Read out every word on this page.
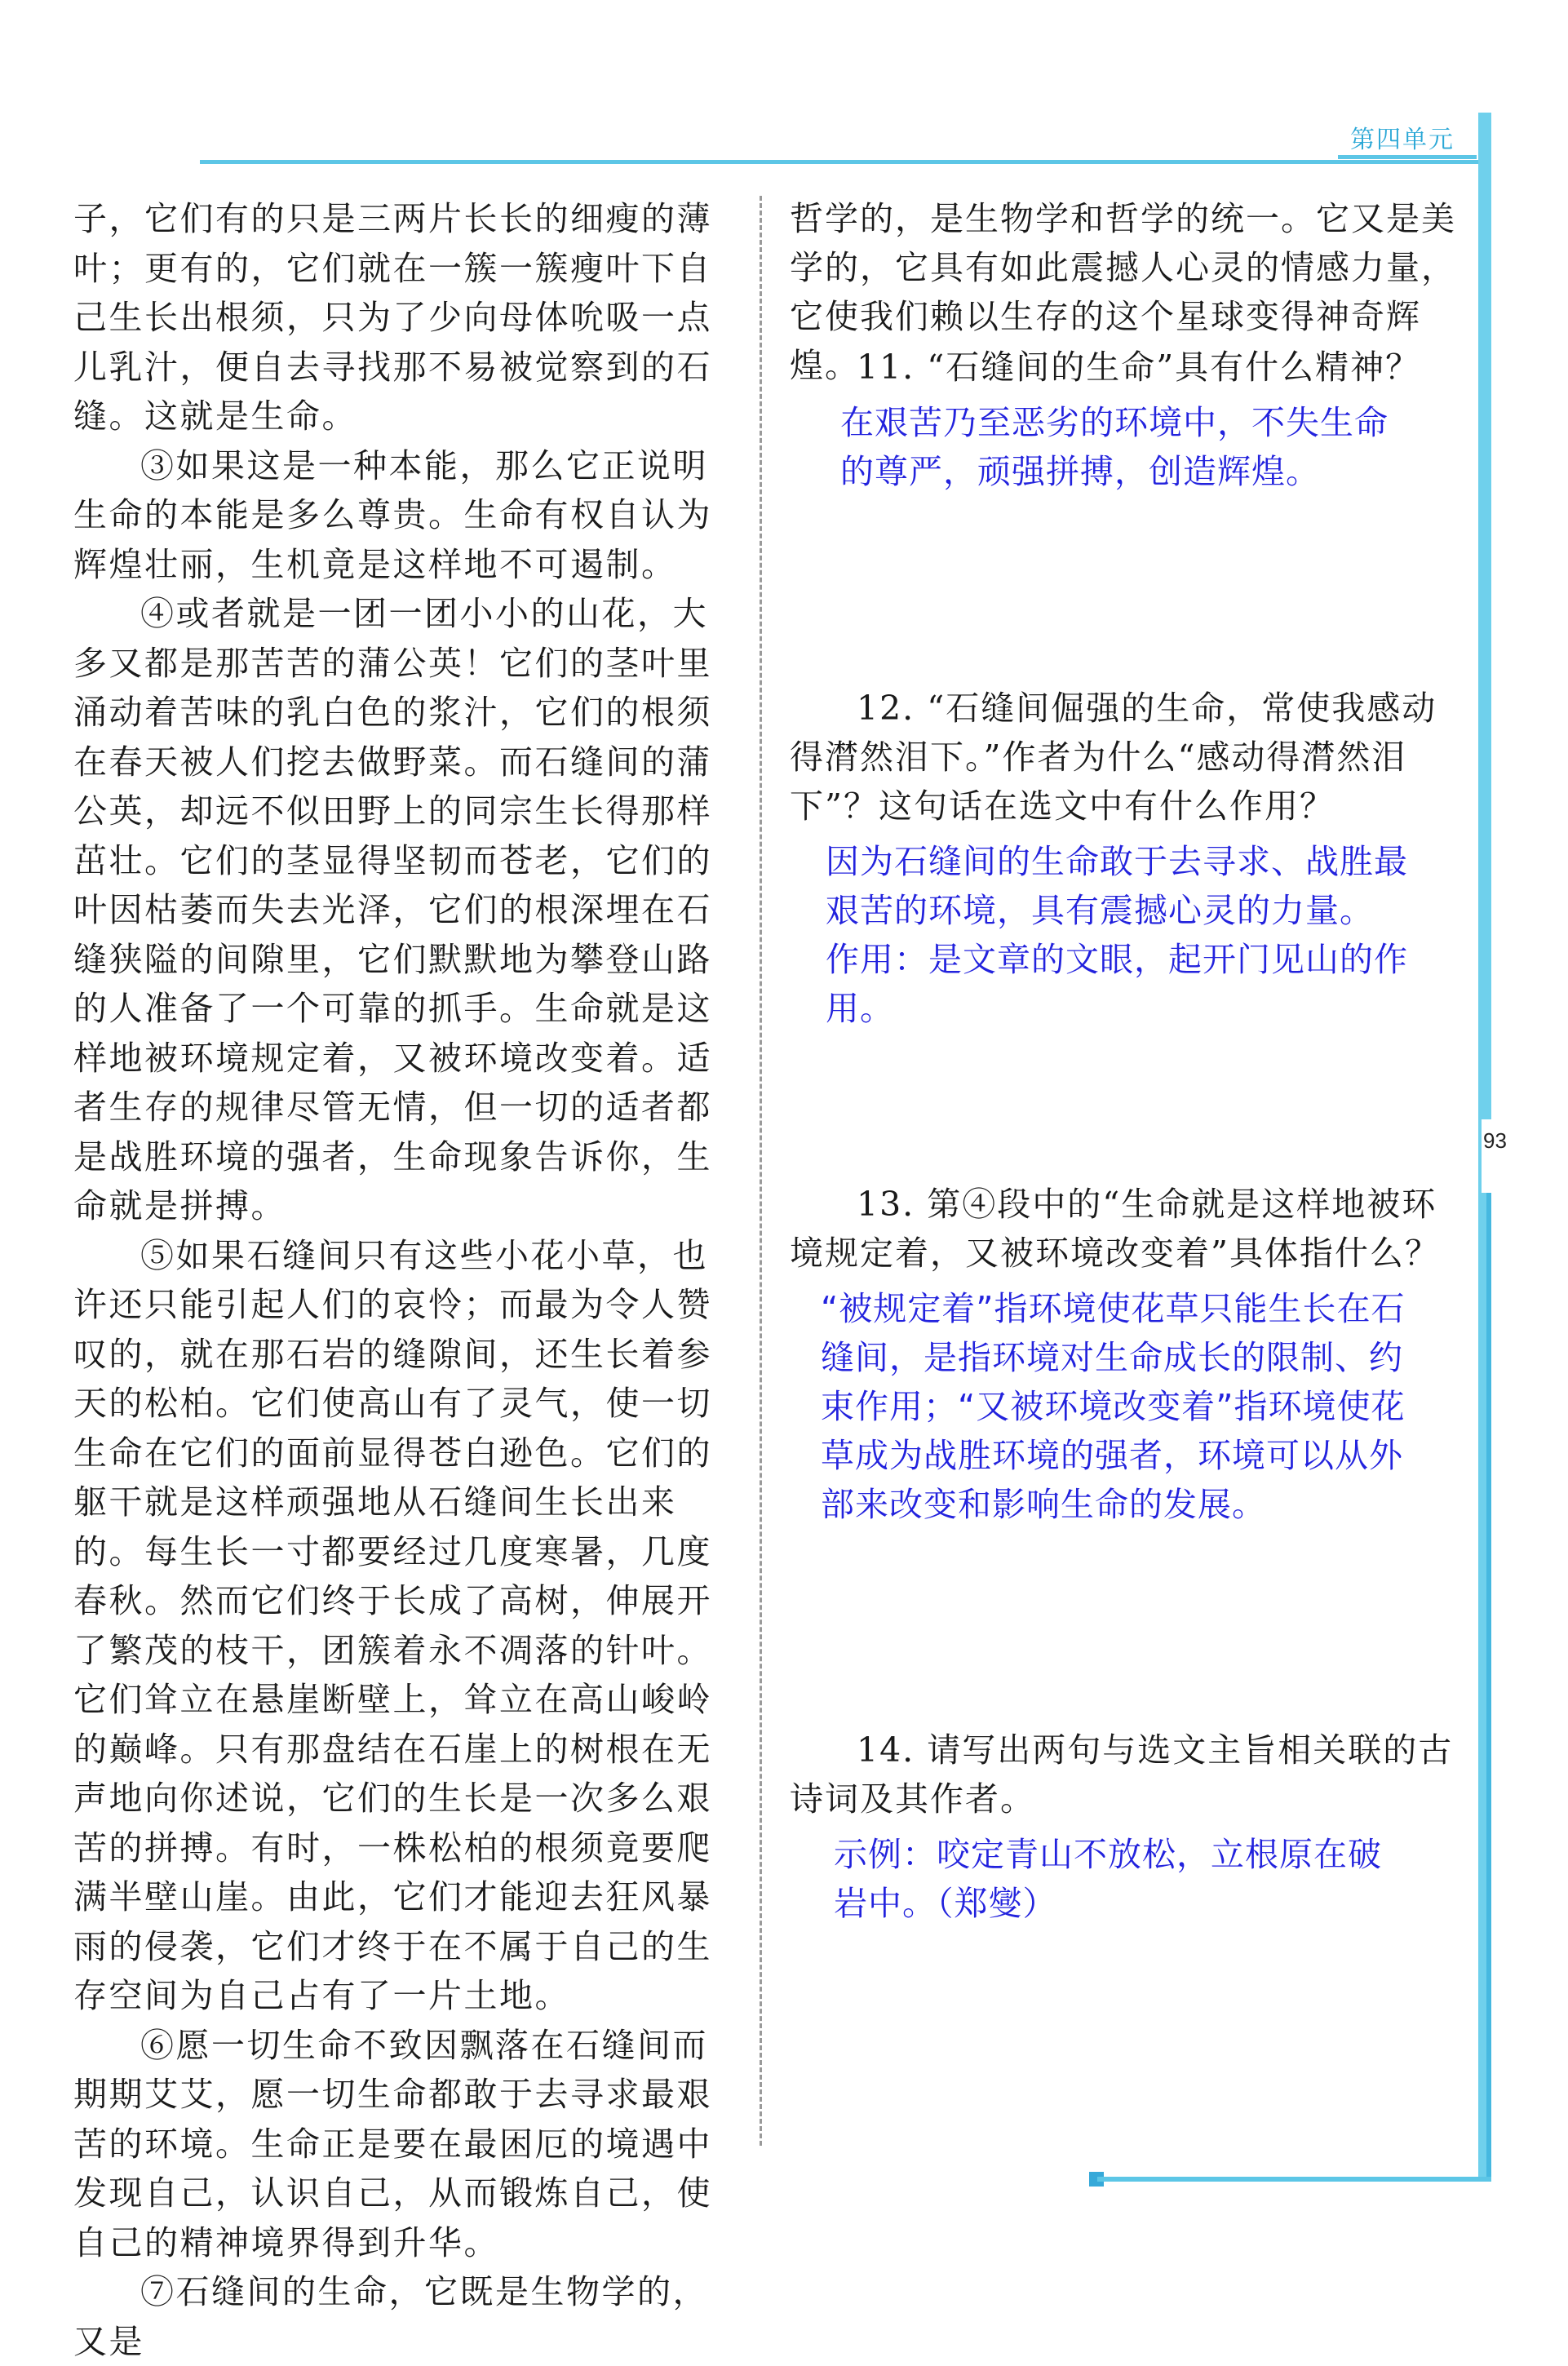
第四单元
93

子，它们有的只是三两片长长的细瘦的薄叶；更有的，它们就在一簇一簇瘦叶下自己生长出根须，只为了少向母体吮吸一点儿乳汁，便自去寻找那不易被觉察到的石缝。这就是生命。

③如果这是一种本能，那么它正说明生命的本能是多么尊贵。生命有权自认为辉煌壮丽，生机竟是这样地不可遏制。

④或者就是一团一团小小的山花，大多又都是那苦苦的蒲公英！它们的茎叶里涌动着苦味的乳白色的浆汁，它们的根须在春天被人们挖去做野菜。而石缝间的蒲公英，却远不似田野上的同宗生长得那样茁壮。它们的茎显得坚韧而苍老，它们的叶因枯萎而失去光泽，它们的根深埋在石缝狭隘的间隙里，它们默默地为攀登山路的人准备了一个可靠的抓手。生命就是这样地被环境规定着，又被环境改变着。适者生存的规律尽管无情，但一切的适者都是战胜环境的强者，生命现象告诉你，生命就是拼搏。

⑤如果石缝间只有这些小花小草，也许还只能引起人们的哀怜；而最为令人赞叹的，就在那石岩的缝隙间，还生长着参天的松柏。它们使高山有了灵气，使一切生命在它们的面前显得苍白逊色。它们的躯干就是这样顽强地从石缝间生长出来的。每生长一寸都要经过几度寒暑，几度春秋。然而它们终于长成了高树，伸展开了繁茂的枝干，团簇着永不凋落的针叶。它们耸立在悬崖断壁上，耸立在高山峻岭的巅峰。只有那盘结在石崖上的树根在无声地向你述说，它们的生长是一次多么艰苦的拼搏。有时，一株松柏的根须竟要爬满半壁山崖。由此，它们才能迎去狂风暴雨的侵袭，它们才终于在不属于自己的生存空间为自己占有了一片土地。

⑥愿一切生命不致因飘落在石缝间而期期艾艾，愿一切生命都敢于去寻求最艰苦的环境。生命正是要在最困厄的境遇中发现自己，认识自己，从而锻炼自己，使自己的精神境界得到升华。

⑦石缝间的生命，它既是生物学的，又是

哲学的，是生物学和哲学的统一。它又是美学的，它具有如此震撼人心灵的情感力量，它使我们赖以生存的这个星球变得神奇辉煌。

11. “石缝间的生命”具有什么精神？

在艰苦乃至恶劣的环境中，不失生命
的尊严，顽强拼搏，创造辉煌。

12. “石缝间倔强的生命，常使我感动得潸然泪下。”作者为什么“感动得潸然泪下”？这句话在选文中有什么作用？

因为石缝间的生命敢于去寻求、战胜最
艰苦的环境，具有震撼心灵的力量。
作用：是文章的文眼，起开门见山的作
用。

13. 第④段中的“生命就是这样地被环境规定着，又被环境改变着”具体指什么？

“被规定着”指环境使花草只能生长在石
缝间，是指环境对生命成长的限制、约
束作用；“又被环境改变着”指环境使花
草成为战胜环境的强者，环境可以从外
部来改变和影响生命的发展。

14. 请写出两句与选文主旨相关联的古诗词及其作者。

示例：咬定青山不放松，立根原在破
岩中。（郑燮）
